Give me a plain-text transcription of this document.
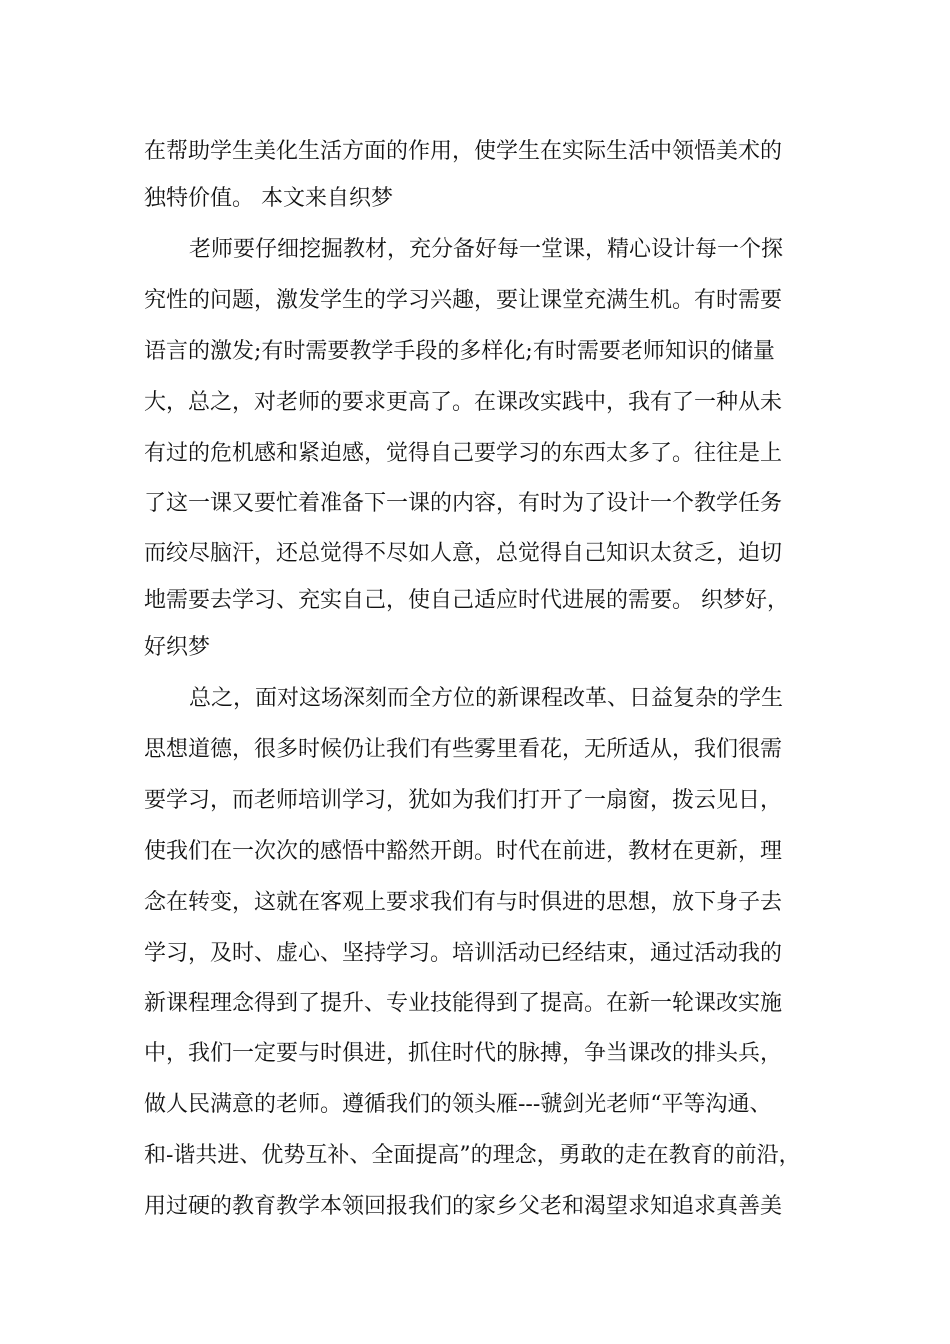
在帮助学生美化生活方面的作用，使学生在实际生活中领悟美术的
独特价值。 本文来自织梦
老师要仔细挖掘教材，充分备好每一堂课，精心设计每一个探
究性的问题，激发学生的学习兴趣，要让课堂充满生机。有时需要
语言的激发;有时需要教学手段的多样化;有时需要老师知识的储量
大，总之，对老师的要求更高了。在课改实践中，我有了一种从未
有过的危机感和紧迫感，觉得自己要学习的东西太多了。往往是上
了这一课又要忙着准备下一课的内容，有时为了设计一个教学任务
而绞尽脑汗，还总觉得不尽如人意，总觉得自己知识太贫乏，迫切
地需要去学习、充实自己，使自己适应时代进展的需要。 织梦好，
好织梦
总之，面对这场深刻而全方位的新课程改革、日益复杂的学生
思想道德，很多时候仍让我们有些雾里看花，无所适从，我们很需
要学习，而老师培训学习，犹如为我们打开了一扇窗，拨云见日，
使我们在一次次的感悟中豁然开朗。时代在前进，教材在更新，理
念在转变，这就在客观上要求我们有与时俱进的思想，放下身子去
学习，及时、虚心、坚持学习。培训活动已经结束，通过活动我的
新课程理念得到了提升、专业技能得到了提高。在新一轮课改实施
中，我们一定要与时俱进，抓住时代的脉搏，争当课改的排头兵，
做人民满意的老师。遵循我们的领头雁---虢剑光老师“平等沟通、
和-谐共进、优势互补、全面提高”的理念，勇敢的走在教育的前沿，
用过硬的教育教学本领回报我们的家乡父老和渴望求知追求真善美
